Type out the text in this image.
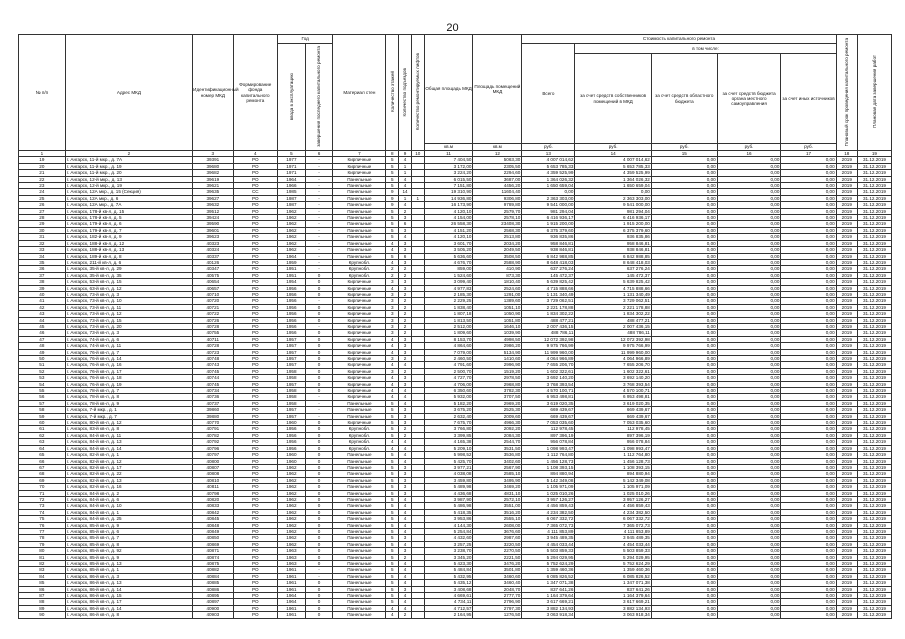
20
№ п/п	Адрес МКД	Идентификационный номер МКД	Формирование фонда капитального ремонта	Год		Материал стен	Количество этажей	Количество подъездов	Количество ремонтируемых лифтов	Общая площадь МКД	Площадь помещений МКД	Стоимость капитального ремонта					Плановый срок проведения капитального ремонта	Плановая дата завершения работ
				ввода в эксплуатацию	завершения последнего капитального ремонта							Всего	в том числе:					
													за счет средств собственников помещений в МКД	за счет средств областного бюджета	за счет средств бюджета органа местного самоуправления	за счет иных источников		
										кв.м	кв.м	руб.	руб.	руб.	руб.	руб.		
1	2	3	4	5	6	7	8	9	10	11	12	13	14	15	16	17	18	19
19	г. Ангарск, 11-й мкр., д. 7А	39391	РО	1977	-	Кирпичные	5	4		7 404,50	5063,30	4 007 014,62	4 007 014,62	0,00	0,00	0,00	2019	31.12.2019
20	г. Ангарск, 11-й мкр., д. 19	39680	РО	1971	-	Кирпичные	5	1		3 172,00	2305,50	5 653 785,33	5 653 785,33	0,00	0,00	0,00	2019	31.12.2019
21	г. Ангарск, 11-й мкр., д. 20	39682	РО	1971	-	Кирпичные	5	1		3 224,20	2294,60	4 359 525,99	4 359 525,99	0,00	0,00	0,00	2019	31.12.2019
22	г. Ангарск, 12-й мкр., д. 13	39619	РО	1964	-	Панельные	5	4		6 015,50	3687,00	1 364 026,32	1 364 026,32	0,00	0,00	0,00	2019	31.12.2019
23	г. Ангарск, 12-й мкр., д. 19	39621	РО	1966	-	Панельные	5	4		7 151,80	4456,20	1 650 659,04	1 650 659,04	0,00	0,00	0,00	2019	31.12.2019
24	г. Ангарск, 12А мкр., д. 15 (Секция)	39635	СС	1985	-	Панельные	9	14		19 310,90	11604,40	0,00	0,00	0,00	0,00	0,00	2019	31.12.2019
25	г. Ангарск, 12А мкр., д. 6	39627	РО	1987	-	Панельные	9	1	1	14 936,80	9306,80	2 363 303,00	2 363 303,00	0,00	0,00	0,00	2019	31.12.2019
26	г. Ангарск, 12А мкр., д. 7А	39632	РО	1987	-	Панельные	9	4		16 173,90	9789,80	9 541 000,00	9 541 000,00	0,00	0,00	0,00	2019	31.12.2019
27	г. Ангарск, 178-й кв-л, д. 15	39512	РО	1962	-	Панельные	5	2		4 120,10	2579,70	981 294,04	981 294,04	0,00	0,00	0,00	2019	31.12.2019
28	г. Ангарск, 178-й кв-л, д. 5	39424	РО	1962	-	Панельные	5	3		4 154,00	2578,10	6 416 936,17	6 416 936,17	0,00	0,00	0,00	2019	31.12.2019
29	г. Ангарск, 179-й кв-л, д. 6	39590	РО	1962	-	Панельные	5	6		26 558,30	23408,30	1 915 200,00	1 915 200,00	0,00	0,00	0,00	2019	31.12.2019
30	г. Ангарск, 179-й кв-л, д. 7	39601	РО	1962	-	Панельные	5	3		4 151,20	2568,30	6 375 379,60	6 375 379,60	0,00	0,00	0,00	2019	31.12.2019
31	г. Ангарск, 182-й кв-л, д. 9	39623	РО	1962	-	Панельные	5	4		4 120,10	2513,80	936 835,86	936 835,86	0,00	0,00	0,00	2019	31.12.2019
32	г. Ангарск, 188-й кв-л, д. 12	40323	РО	1962	-	Панельные	4	3		3 601,70	2034,20	958 846,81	958 846,81	0,00	0,00	0,00	2019	31.12.2019
33	г. Ангарск, 188-й кв-л, д. 13	40324	РО	1962	-	Панельные	4	3		3 505,20	2049,50	938 846,81	938 846,81	0,00	0,00	0,00	2019	31.12.2019
34	г. Ангарск, 189-й кв-л, д. 8	40337	РО	1964	-	Панельные	5	6		5 636,60	3508,50	6 842 988,85	6 842 988,85	0,00	0,00	0,00	2019	31.12.2019
35	г. Ангарск, 211-й кв-л, д. 6	40126	РО	1959	-	Крупнобл.	4	3		4 676,70	2588,90	8 648 418,03	8 648 418,03	0,00	0,00	0,00	2019	31.12.2019
36	г. Ангарск, 35-й кв-л, д. 29	40347	РО	1951	-	Крупнобл.	2	2		859,00	410,90	637 276,24	637 276,24	0,00	0,00	0,00	2019	31.12.2019
37	г. Ангарск, 35-й кв-л, д. 35	40575	РО	1951	0	Крупнобл.	2	2		1 524,60	873,30	145 472,37	145 472,37	0,00	0,00	0,00	2019	31.12.2019
38	г. Ангарск, 53-й кв-л, д. 15	40654	РО	1954	0	Кирпичные	3	3		3 099,40	1810,40	5 639 825,42	5 639 825,42	0,00	0,00	0,00	2019	31.12.2019
39	г. Ангарск, 63-й кв-л, д. 12	40657	РО	1956	0	Кирпичные	4	3		4 977,83	2524,60	4 715 888,66	4 715 888,66	0,00	0,00	0,00	2019	31.12.2019
40	г. Ангарск, 73-й кв-л, д. 3	40710	РО	1956	0	Кирпичные	3	2		2 185,30	1291,00	1 131 340,49	1 131 340,49	0,00	0,00	0,00	2019	31.12.2019
41	г. Ангарск, 73-й кв-л, д. 10	40720	РО	1956	-	Кирпичные	3	2		2 229,25	1389,60	3 729 062,51	3 729 062,51	0,00	0,00	0,00	2019	31.12.2019
42	г. Ангарск, 73-й кв-л, д. 11	40721	РО	1956	0	Кирпичные	3	2		1 838,40	1051,10	2 221 178,88	2 221 178,88	0,00	0,00	0,00	2019	31.12.2019
43	г. Ангарск, 73-й кв-л, д. 12	40722	РО	1956	0	Кирпичные	3	2		1 807,18	1050,90	1 834 302,22	1 834 302,22	0,00	0,00	0,00	2019	31.12.2019
44	г. Ангарск, 73-й кв-л, д. 15	40726	РО	1956	0	Кирпичные	3	2		1 813,50	1051,80	488 477,21	488 477,21	0,00	0,00	0,00	2019	31.12.2019
45	г. Ангарск, 73-й кв-л, д. 20	40728	РО	1956	-	Кирпичные	3	2		2 512,00	1646,10	2 007 436,15	2 007 436,15	0,00	0,00	0,00	2019	31.12.2019
46	г. Ангарск, 73-й кв-л, д. 3	40755	РО	1956	0	Кирпичные	3	2		1 809,60	1039,90	488 786,11	488 786,11	0,00	0,00	0,00	2019	31.12.2019
47	г. Ангарск, 74-й кв-л, д. 6	40711	РО	1957	0	Кирпичные	4	3		8 153,70	4998,50	12 072 392,98	12 072 392,98	0,00	0,00	0,00	2019	31.12.2019
48	г. Ангарск, 74-й кв-л, д. 11	40728	РО	1957	0	Кирпичные	4	3		4 864,60	2986,20	9 975 766,99	9 975 766,99	0,00	0,00	0,00	2019	31.12.2019
49	г. Ангарск, 76-й кв-л, д. 7	40723	РО	1957	0	Кирпичные	4	3		7 079,00	5134,90	11 999 960,00	11 999 960,00	0,00	0,00	0,00	2019	31.12.2019
50	г. Ангарск, 76-й кв-л, д. 14	40748	РО	1957	0	Кирпичные	3	2		2 460,50	1410,60	4 064 966,89	4 064 966,89	0,00	0,00	0,00	2019	31.12.2019
51	г. Ангарск, 76-й кв-л, д. 16	40743	РО	1957	0	Кирпичные	4	4		4 791,60	2996,90	7 655 206,70	7 655 206,70	0,00	0,00	0,00	2019	31.12.2019
52	г. Ангарск, 76-й кв-л, д. 17	40745	РО	1958	0	Кирпичные	3	2		2 500,70	1519,20	1 602 322,61	1 602 322,61	0,00	0,00	0,00	2019	31.12.2019
53	г. Ангарск, 76-й кв-л, д. 18	40744	РО	1958	0	Кирпичные	4	3		4 727,70	2978,50	3 692 140,20	3 692 140,20	0,00	0,00	0,00	2019	31.12.2019
54	г. Ангарск, 76-й кв-л, д. 19	40745	РО	1957	0	Кирпичные	4	3		4 706,00	2968,80	3 768 393,54	3 768 393,54	0,00	0,00	0,00	2019	31.12.2019
55	г. Ангарск, 78-й кв-л, д. 7	40734	РО	1958	0	Кирпичные	4	4		6 350,60	3782,30	4 570 100,71	4 570 100,71	0,00	0,00	0,00	2019	31.12.2019
56	г. Ангарск, 78-й кв-л, д. 8	40736	РО	1958	-	Кирпичные	4	4		5 932,00	3707,50	6 953 498,81	6 953 498,81	0,00	0,00	0,00	2019	31.12.2019
57	г. Ангарск, 78-й кв-л, д. 9	40737	РО	1958	-	Панельные	5	4		5 182,20	2969,20	3 619 020,35	3 619 020,35	0,00	0,00	0,00	2019	31.12.2019
58	г. Ангарск, 7-й мкр., д. 1	39860	РО	1957	-	Панельные	5	3		3 675,20	2525,30	669 439,67	669 439,67	0,00	0,00	0,00	2019	31.12.2019
59	г. Ангарск, 7-й мкр., д. 7	39880	РО	1957	-	Панельные	5	3		2 632,40	2009,60	669 439,67	669 439,67	0,00	0,00	0,00	2019	31.12.2019
60	г. Ангарск, 80-й кв-л, д. 12	40770	РО	1960	0	Кирпичные	5	3		7 675,70	4966,30	7 053 035,60	7 053 035,60	0,00	0,00	0,00	2019	31.12.2019
61	г. Ангарск, 83-й кв-л, д. 8	40791	РО	1956	0	Крупнобл.	5	2		3 766,80	2092,20	112 978,45	112 978,45	0,00	0,00	0,00	2019	31.12.2019
62	г. Ангарск, 84-й кв-л, д. 11	40782	РО	1956	0	Крупнобл.	5	2		3 399,85	2084,30	897 396,19	897 396,19	0,00	0,00	0,00	2019	31.12.2019
63	г. Ангарск, 84-й кв-л, д. 13	40792	РО	1956	0	Крупнобл.	4	4		4 165,38	2544,70	956 078,84	956 078,84	0,00	0,00	0,00	2019	31.12.2019
64	г. Ангарск, 84-й кв-л, д. 14	40796	РО	1956	0	Крупнобл.	4	4		5 209,10	3531,50	1 098 993,47	1 098 993,47	0,00	0,00	0,00	2019	31.12.2019
65	г. Ангарск, 82-й кв-л, д. 1	40797	РО	1960	0	Панельные	5	4		5 998,52	3536,80	1 112 764,80	1 112 764,80	0,00	0,00	0,00	2019	31.12.2019
66	г. Ангарск, 82-й кв-л, д. 12	40800	РО	1960	0	Панельные	5	4		5 425,70	3402,60	1 456 128,73	1 456 128,73	0,00	0,00	0,00	2019	31.12.2019
67	г. Ангарск, 82-й кв-л, д. 17	40807	РО	1962	0	Панельные	5	3		3 977,21	2567,90	1 108 393,15	1 108 393,15	0,00	0,00	0,00	2019	31.12.2019
68	г. Ангарск, 82-й кв-л, д. 22	40808	РО	1962	0	Панельные	5	3		4 038,08	2585,10	894 880,94	894 880,94	0,00	0,00	0,00	2019	31.12.2019
69	г. Ангарск, 82-й кв-л, д. 13	40810	РО	1962	0	Панельные	5	3		3 459,80	3495,90	5 142 349,08	5 142 349,08	0,00	0,00	0,00	2019	31.12.2019
70	г. Ангарск, 82-й кв-л, д. 16	40811	РО	1962	0	Панельные	5	3		5 489,98	3469,20	1 105 971,09	1 105 971,09	0,00	0,00	0,00	2019	31.12.2019
71	г. Ангарск, 84-й кв-л, д. 2	40798	РО	1962	0	Панельные	5	3		4 436,68	4831,10	1 025 010,26	1 025 010,26	0,00	0,00	0,00	2019	31.12.2019
72	г. Ангарск, 84-й кв-л, д. 6	40820	РО	1962	0	Панельные	5	4		3 987,90	2572,10	3 957 126,27	3 957 126,27	0,00	0,00	0,00	2019	31.12.2019
73	г. Ангарск, 84-й кв-л, д. 10	40833	РО	1962	0	Панельные	5	4		5 486,98	3551,00	4 456 859,43	4 456 859,43	0,00	0,00	0,00	2019	31.12.2019
74	г. Ангарск, 84-й кв-л, д. 1	40842	РО	1962	0	Панельные	5	4		5 418,35	3516,20	4 234 382,50	4 234 382,50	0,00	0,00	0,00	2019	31.12.2019
75	г. Ангарск, 84-й кв-л, д. 25	40845	РО	1962	0	Панельные	5	4		3 953,86	2555,10	6 067 332,72	6 067 332,72	0,00	0,00	0,00	2019	31.12.2019
76	г. Ангарск, 85-й кв-л, д. 9	40848	РО	1962	0	Панельные	5	4		4 144,30	2608,00	7 365 072,73	7 365 072,73	0,00	0,00	0,00	2019	31.12.2019
77	г. Ангарск, 85-й кв-л, д. 6	40849	РО	1962	0	Панельные	5	4		5 254,84	3676,60	4 111 853,89	4 111 853,89	0,00	0,00	0,00	2019	31.12.2019
78	г. Ангарск, 85-й кв-л, д. 7	40850	РО	1962	0	Панельные	5	3		4 432,60	2987,60	3 945 489,35	3 945 489,35	0,00	0,00	0,00	2019	31.12.2019
79	г. Ангарск, 85-й кв-л, д. 8	40869	РО	1962	0	Панельные	5	4		3 257,25	3220,50	4 454 033,44	4 454 033,44	0,00	0,00	0,00	2019	31.12.2019
80	г. Ангарск, 85-й кв-л, д. 92	40871	РО	1963	0	Панельные	5	3		3 238,70	2270,50	5 503 859,33	5 503 859,33	0,00	0,00	0,00	2019	31.12.2019
81	г. Ангарск, 85-й кв-л, д. 9	40874	РО	1963	0	Панельные	5	2		3 345,20	2221,50	5 294 029,95	5 294 029,95	0,00	0,00	0,00	2019	31.12.2019
82	г. Ангарск, 85-й кв-л, д. 13	40875	РО	1963	0	Панельные	5	4		5 423,30	3476,20	5 752 624,29	5 752 624,29	0,00	0,00	0,00	2019	31.12.2019
83	г. Ангарск, 85-й кв-л, д. 1	40882	РО	1961	-	Панельные	5	4		5 484,84	3501,80	1 359 460,36	1 359 460,36	0,00	0,00	0,00	2019	31.12.2019
84	г. Ангарск, 86-й кв-л, д. 3	40884	РО	1961	-	Панельные	5	4		5 432,95	3460,60	6 085 826,52	6 085 826,52	0,00	0,00	0,00	2019	31.12.2019
85	г. Ангарск, 86-й кв-л, д. 13	40885	РО	1961	0	Панельные	5	4		5 435,12	3460,40	1 347 071,38	1 347 071,38	0,00	0,00	0,00	2019	31.12.2019
86	г. Ангарск, 86-й кв-л, д. 14	40886	РО	1961	0	Панельные	5	3		3 408,68	2048,70	837 641,26	837 641,26	0,00	0,00	0,00	2019	31.12.2019
87	г. Ангарск, 86-й кв-л, д. 15	40895	РО	1964	0	Панельные	5	4		4 669,61	2777,70	1 164 379,64	1 164 379,64	0,00	0,00	0,00	2019	31.12.2019
88	г. Ангарск, 86-й кв-л, д. 17	40897	РО	1964	0	Панельные	5	4		4 734,11	2796,90	3 617 669,21	3 617 669,21	0,00	0,00	0,00	2019	31.12.2019
89	г. Ангарск, 86-й кв-л, д. 14	40900	РО	1961	0	Панельные	4	4		4 712,57	2797,30	3 882 134,93	3 882 134,93	0,00	0,00	0,00	2019	31.12.2019
90	г. Ангарск, 86-й кв-л, д. 8	40903	РО	1961	0	Панельные	4	2		2 164,95	1276,50	3 063 918,34	3 063 918,34	0,00	0,00	0,00	2019	31.12.2019
